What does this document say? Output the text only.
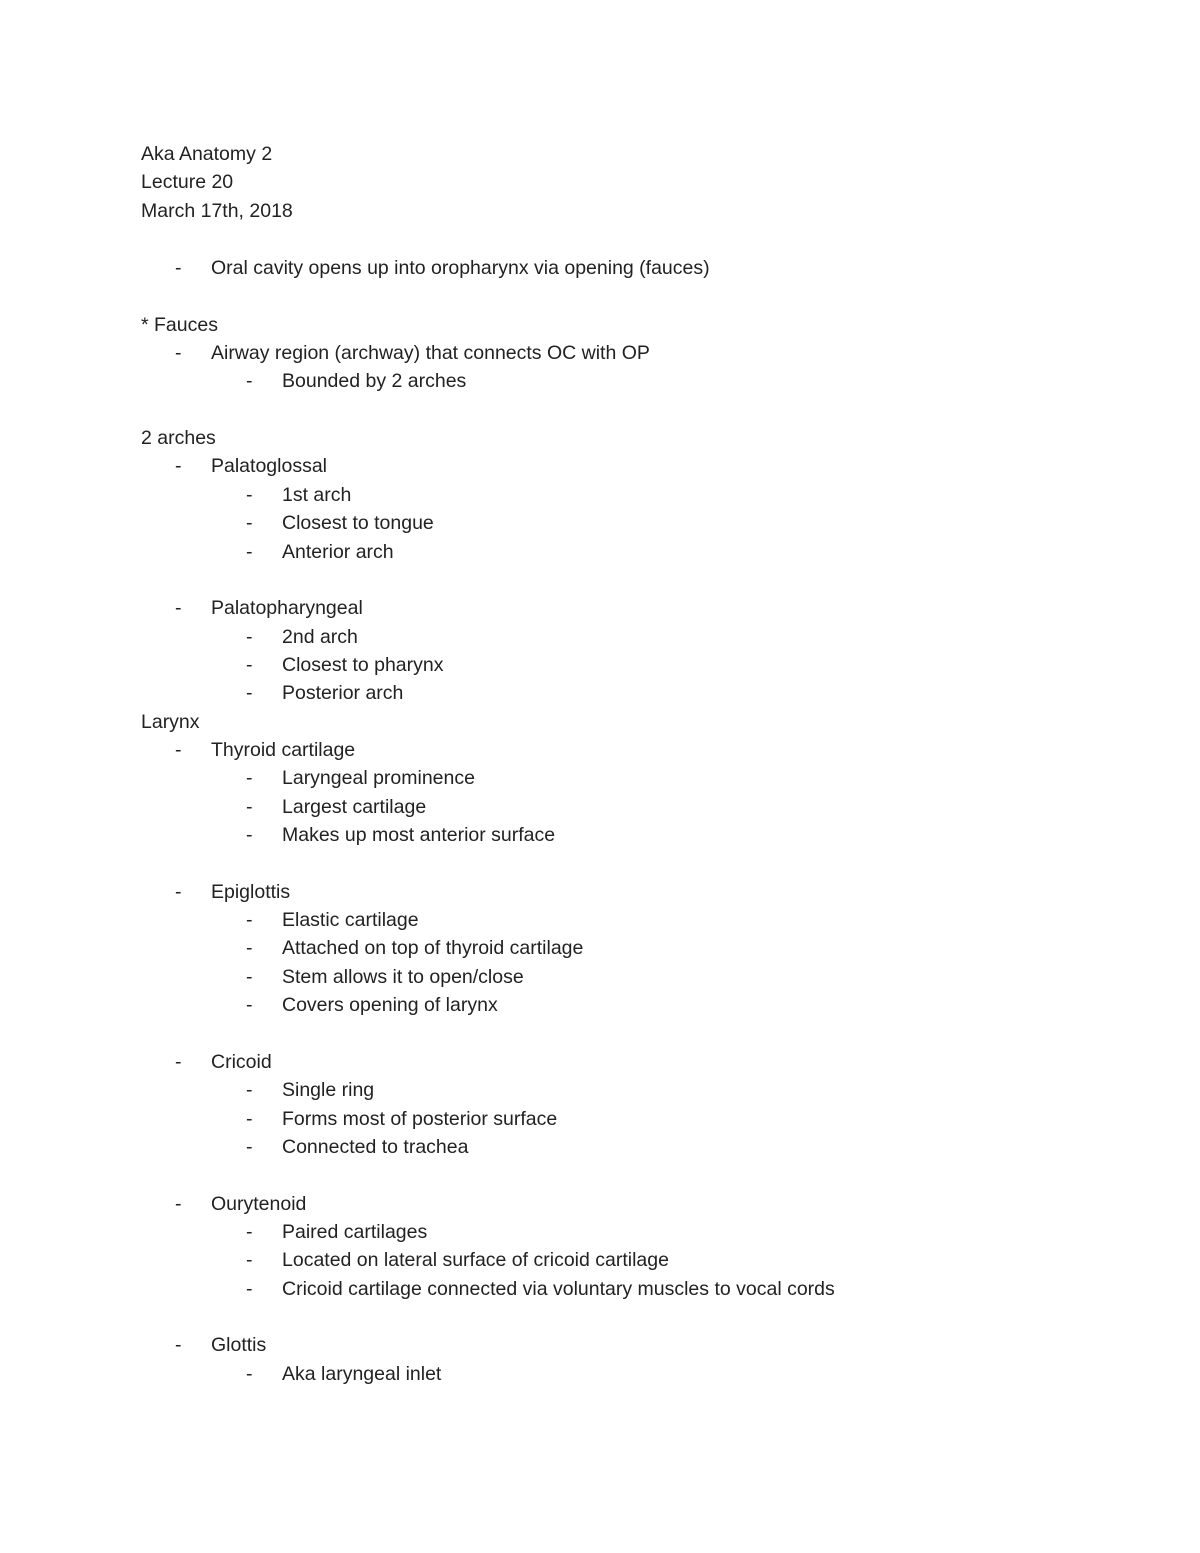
Aka Anatomy 2
Lecture 20
March 17th, 2018
- Oral cavity opens up into oropharynx via opening (fauces)
* Fauces
- Airway region (archway) that connects OC with OP
- Bounded by 2 arches
2 arches
- Palatoglossal
- 1st arch
- Closest to tongue
- Anterior arch
- Palatopharyngeal
- 2nd arch
- Closest to pharynx
- Posterior arch
Larynx
- Thyroid cartilage
- Laryngeal prominence
- Largest cartilage
- Makes up most anterior surface
- Epiglottis
- Elastic cartilage
- Attached on top of thyroid cartilage
- Stem allows it to open/close
- Covers opening of larynx
- Cricoid
- Single ring
- Forms most of posterior surface
- Connected to trachea
- Ourytenoid
- Paired cartilages
- Located on lateral surface of cricoid cartilage
- Cricoid cartilage connected via voluntary muscles to vocal cords
- Glottis
- Aka laryngeal inlet
